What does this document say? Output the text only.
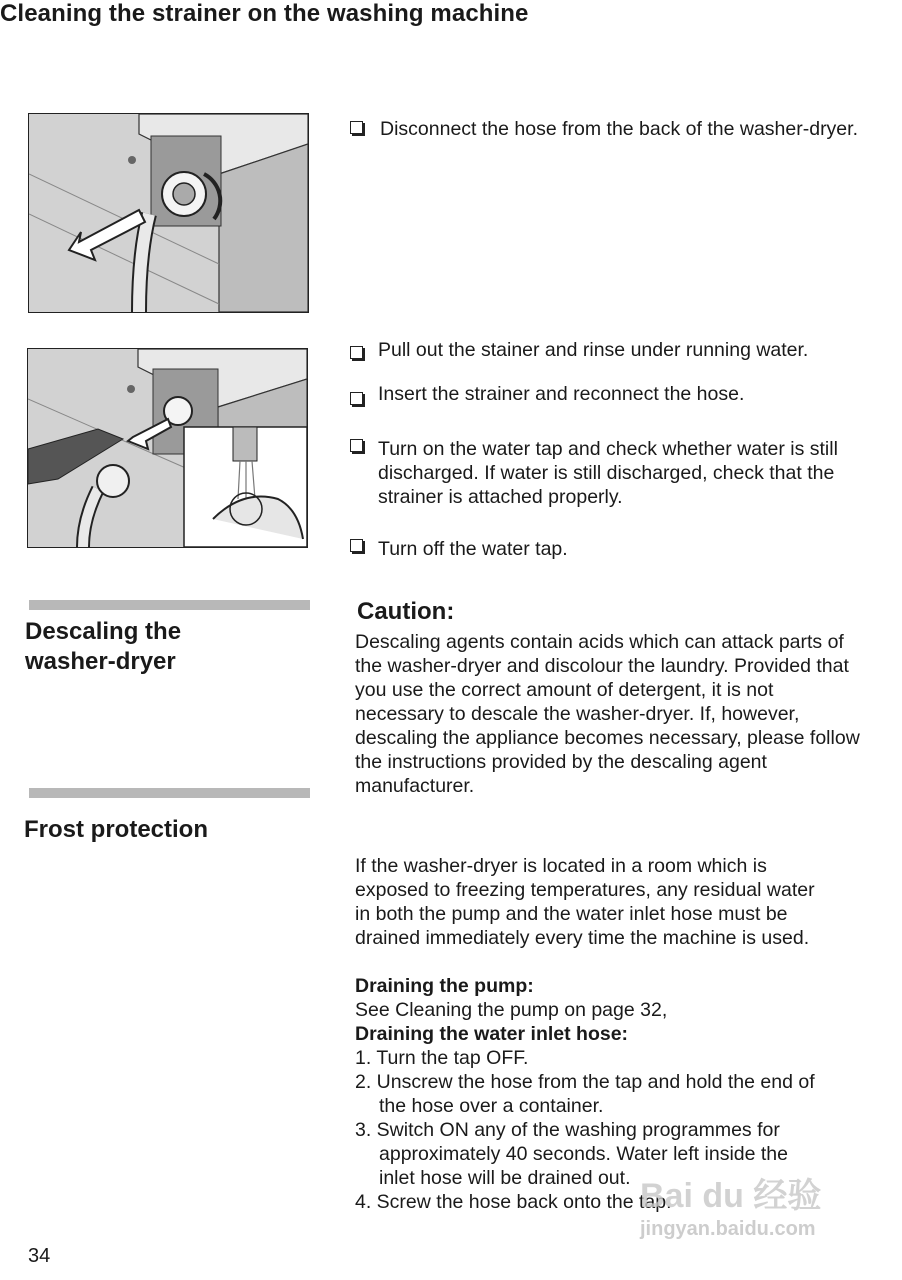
Cleaning the strainer on the washing machine
Disconnect the hose from the back of the washer-dryer.
Pull out the stainer and rinse under running water.
Insert the strainer and reconnect the hose.
Turn on the water tap and check whether water is still discharged. If water is still discharged, check that the strainer is attached properly.
Turn off the water tap.
Descaling the
washer-dryer
Caution:
Descaling agents contain acids which can attack parts of the washer-dryer and discolour the laundry. Provided that you use the correct amount of detergent, it is not necessary to descale the washer-dryer. If, however, descaling the appliance becomes necessary, please follow the instructions provided by the descaling agent manufacturer.
Frost protection
If the washer-dryer is located in a room which is exposed to freezing temperatures, any residual water in both the pump and the water inlet hose must be drained immediately every time the machine is used.
Draining the pump:
See Cleaning the pump on page 32,
Draining the water inlet hose:
1. Turn the tap OFF.
2. Unscrew the hose from the tap and hold the end of the hose over a container.
3. Switch ON any of the washing programmes for approximately 40 seconds. Water left inside the inlet hose will be drained out.
4. Screw the hose back onto the tap.
34
Bai du 经验
jingyan.baidu.com
